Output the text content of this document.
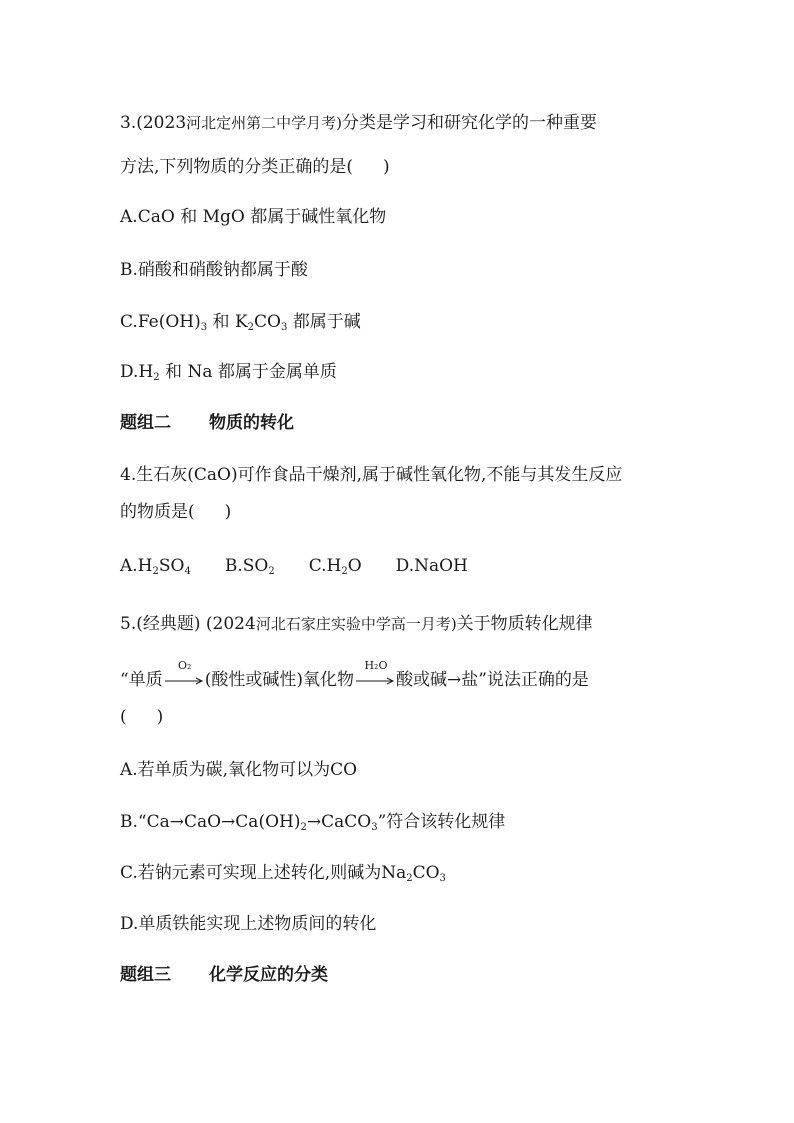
3.(2023河北定州第二中学月考)分类是学习和研究化学的一种重要
方法,下列物质的分类正确的是( )
A.CaO 和 MgO 都属于碱性氧化物
B.硝酸和硝酸钠都属于酸
$C.Fe(OH)_3$ 和 $K_2CO_3$ 都属于碱
$D.H_2$ 和 Na 都属于金属单质
题组二 物质的转化
4.生石灰(CaO)可作食品干燥剂,属于碱性氧化物,不能与其发生反应
的物质是( )
$A.H_2SO_4$ $B.SO_2$ $C.H_2O$ D.NaOH
5.(经典题) (2024河北石家庄实验中学高一月考)关于物质转化规律
“单质
O₂
(酸性或碱性)氧化物
H₂O
酸或碱→盐”说法正确的是
( )
A.若单质为碳,氧化物可以为CO
$B.“Ca\to CaO\to Ca(OH)_2\to CaCO_3$”符合该转化规律
C.若钠元素可实现上述转化,则碱为$Na_2CO_3$
D.单质铁能实现上述物质间的转化
题组三 化学反应的分类
